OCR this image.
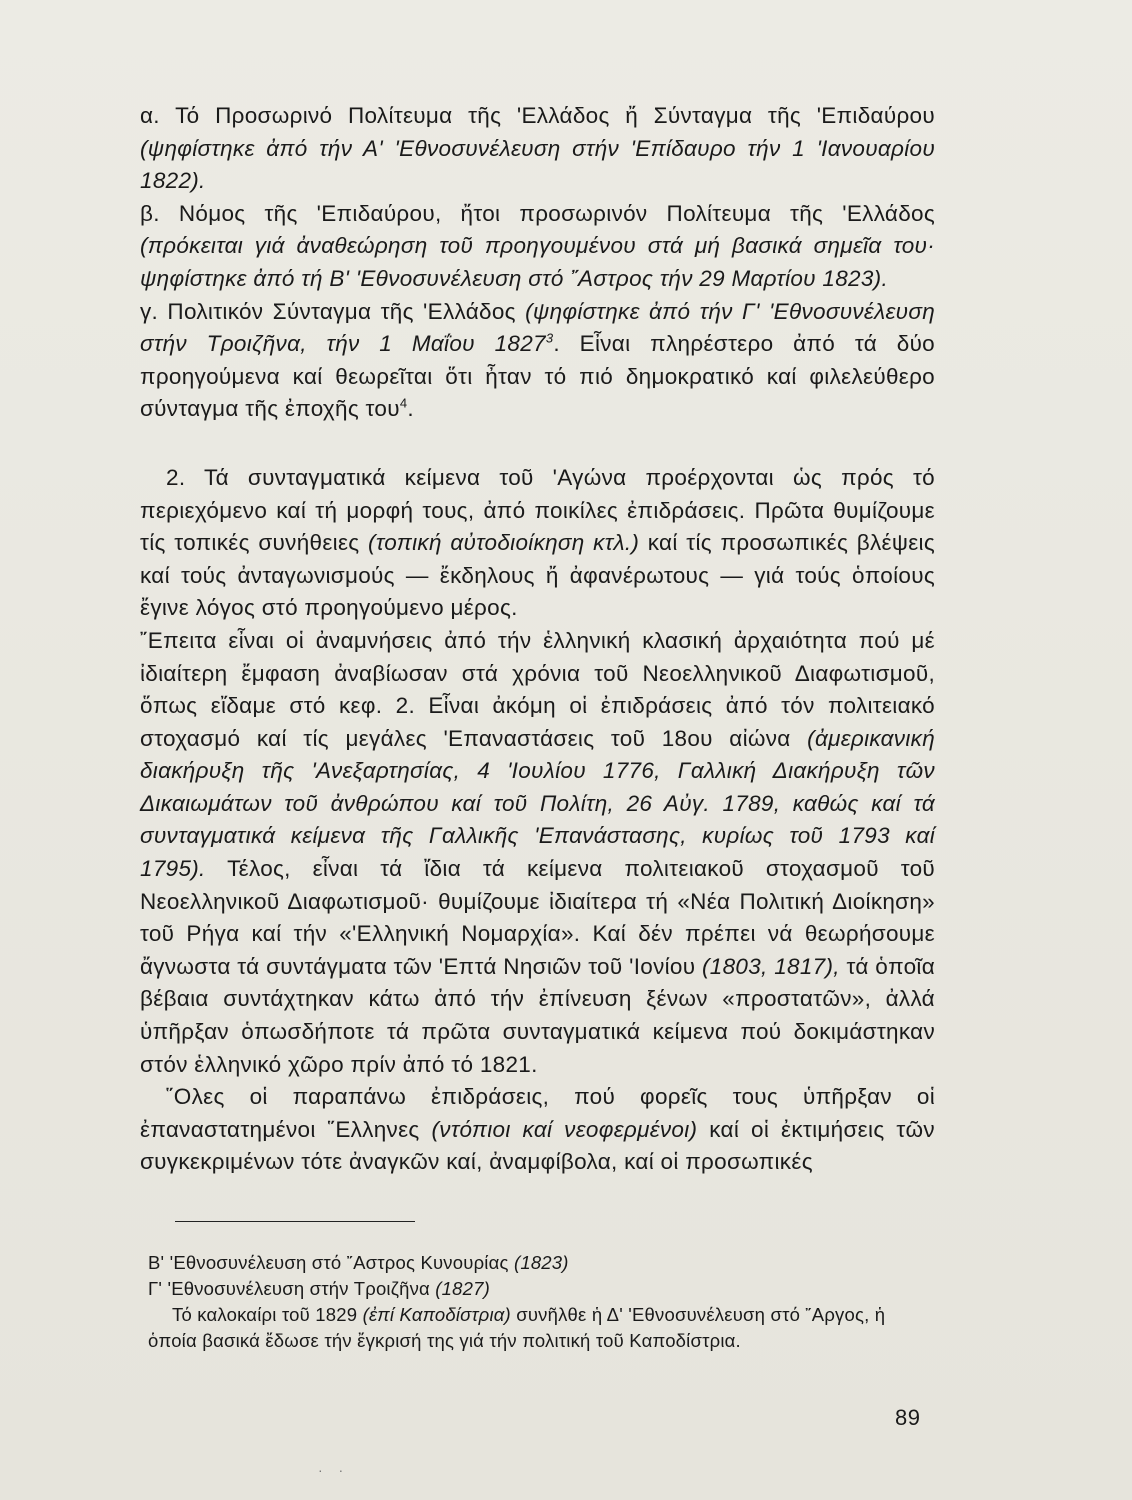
α. Τό Προσωρινό Πολίτευμα τῆς 'Ελλάδος ἤ Σύνταγμα τῆς 'Επιδαύρου (ψηφίστηκε ἀπό τήν Α' 'Εθνοσυνέλευση στήν 'Επίδαυρο τήν 1 'Ιανουαρίου 1822).

β. Νόμος τῆς 'Επιδαύρου, ἤτοι προσωρινόν Πολίτευμα τῆς 'Ελλάδος (πρόκειται γιά ἀναθεώρηση τοῦ προηγουμένου στά μή βασικά σημεῖα του· ψηφίστηκε ἀπό τή Β' 'Εθνοσυνέλευση στό ῎Αστρος τήν 29 Μαρτίου 1823).

γ. Πολιτικόν Σύνταγμα τῆς 'Ελλάδος (ψηφίστηκε ἀπό τήν Γ' 'Εθνοσυνέλευση στήν Τροιζῆνα, τήν 1 Μαΐου 1827$^3$. Εἶναι πληρέστερο ἀπό τά δύο προηγούμενα καί θεωρεῖται ὅτι ἦταν τό πιό δημοκρατικό καί φιλελεύθερο σύνταγμα τῆς ἐποχῆς του$^4$.

2. Τά συνταγματικά κείμενα τοῦ 'Αγώνα προέρχονται ὡς πρός τό περιεχόμενο καί τή μορφή τους, ἀπό ποικίλες ἐπιδράσεις. Πρῶτα θυμίζουμε τίς τοπικές συνήθειες (τοπική αὐτοδιοίκηση κτλ.) καί τίς προσωπικές βλέψεις καί τούς ἀνταγωνισμούς — ἔκδηλους ἤ ἀφανέρωτους — γιά τούς ὁποίους ἔγινε λόγος στό προηγούμενο μέρος.

῎Επειτα εἶναι οἱ ἀναμνήσεις ἀπό τήν ἑλληνική κλασική ἀρχαιότητα πού μέ ἰδιαίτερη ἔμφαση ἀναβίωσαν στά χρόνια τοῦ Νεοελληνικοῦ Διαφωτισμοῦ, ὅπως εἴδαμε στό κεφ. 2. Εἶναι ἀκόμη οἱ ἐπιδράσεις ἀπό τόν πολιτειακό στοχασμό καί τίς μεγάλες 'Επαναστάσεις τοῦ 18ου αἰώνα (ἀμερικανική διακήρυξη τῆς 'Ανεξαρτησίας, 4 'Ιουλίου 1776, Γαλλική Διακήρυξη τῶν Δικαιωμάτων τοῦ ἀνθρώπου καί τοῦ Πολίτη, 26 Αὐγ. 1789, καθώς καί τά συνταγματικά κείμενα τῆς Γαλλικῆς 'Επανάστασης, κυρίως τοῦ 1793 καί 1795). Τέλος, εἶναι τά ἴδια τά κείμενα πολιτειακοῦ στοχασμοῦ τοῦ Νεοελληνικοῦ Διαφωτισμοῦ· θυμίζουμε ἰδιαίτερα τή «Νέα Πολιτική Διοίκηση» τοῦ Ρήγα καί τήν «'Ελληνική Νομαρχία». Καί δέν πρέπει νά θεωρήσουμε ἄγνωστα τά συντάγματα τῶν 'Επτά Νησιῶν τοῦ 'Ιονίου (1803, 1817), τά ὁποῖα βέβαια συντάχτηκαν κάτω ἀπό τήν ἐπίνευση ξένων «προστατῶν», ἀλλά ὑπῆρξαν ὁπωσδήποτε τά πρῶτα συνταγματικά κείμενα πού δοκιμάστηκαν στόν ἑλληνικό χῶρο πρίν ἀπό τό 1821.

῞Ολες οἱ παραπάνω ἐπιδράσεις, πού φορεῖς τους ὑπῆρξαν οἱ ἐπαναστατημένοι ῞Ελληνες (ντόπιοι καί νεοφερμένοι) καί οἱ ἐκτιμήσεις τῶν συγκεκριμένων τότε ἀναγκῶν καί, ἀναμφίβολα, καί οἱ προσωπικές

Β' 'Εθνοσυνέλευση στό ῎Αστρος Κυνουρίας (1823)

Γ' 'Εθνοσυνέλευση στήν Τροιζῆνα (1827)

Τό καλοκαίρι τοῦ 1829 (ἐπί Καποδίστρια) συνῆλθε ἡ Δ' 'Εθνοσυνέλευση στό ῎Αργος, ἡ ὁποία βασικά ἔδωσε τήν ἔγκρισή της γιά τήν πολιτική τοῦ Καποδίστρια.

89
· ·
